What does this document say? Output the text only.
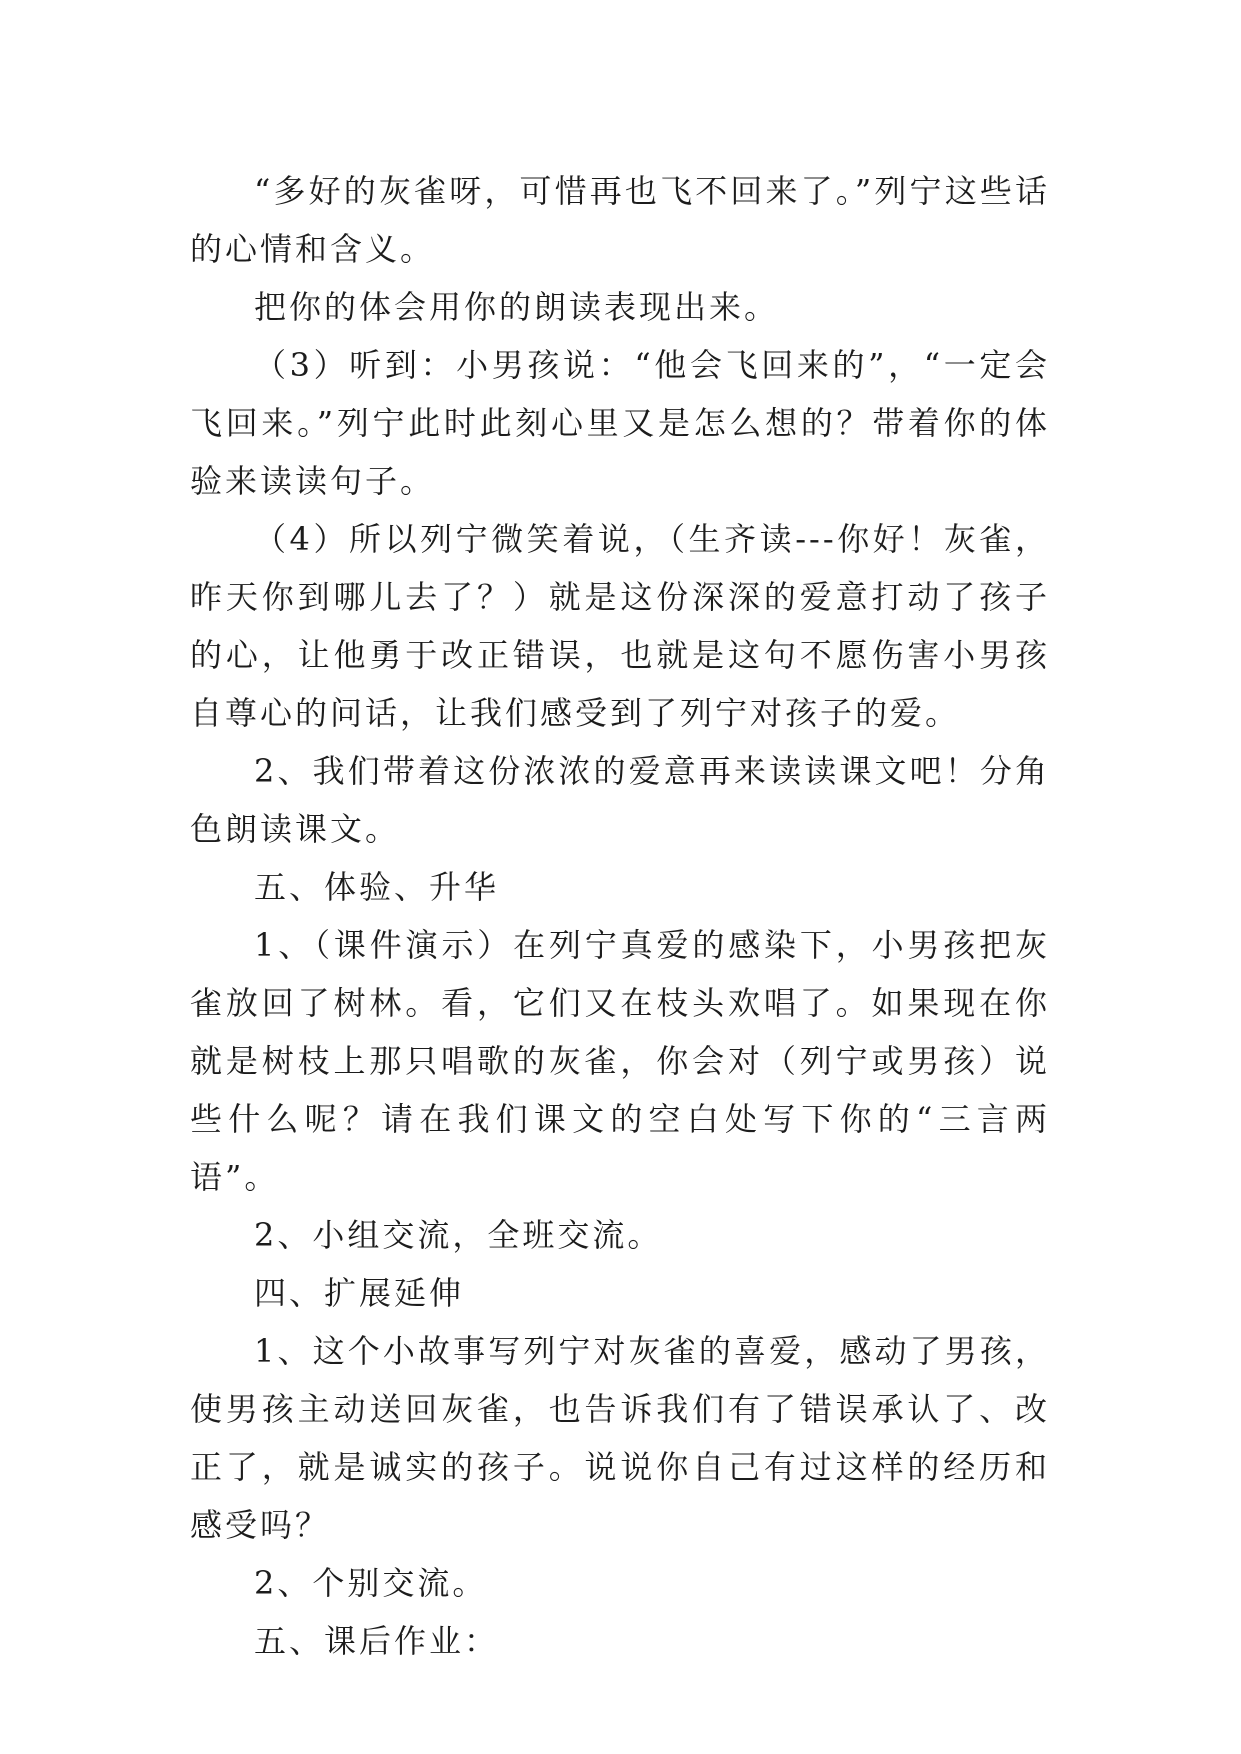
“多好的灰雀呀，可惜再也飞不回来了。”列宁这些话的心情和含义。

把你的体会用你的朗读表现出来。

（3）听到：小男孩说：“他会飞回来的”，“一定会飞回来。”列宁此时此刻心里又是怎么想的？带着你的体验来读读句子。

（4）所以列宁微笑着说，（生齐读---你好！灰雀，昨天你到哪儿去了？）就是这份深深的爱意打动了孩子的心，让他勇于改正错误，也就是这句不愿伤害小男孩自尊心的问话，让我们感受到了列宁对孩子的爱。

2、我们带着这份浓浓的爱意再来读读课文吧！分角色朗读课文。

五、体验、升华

1、（课件演示）在列宁真爱的感染下，小男孩把灰雀放回了树林。看，它们又在枝头欢唱了。如果现在你就是树枝上那只唱歌的灰雀，你会对（列宁或男孩）说些什么呢？请在我们课文的空白处写下你的“三言两语”。

2、小组交流，全班交流。

四、扩展延伸

1、这个小故事写列宁对灰雀的喜爱，感动了男孩，使男孩主动送回灰雀，也告诉我们有了错误承认了、改正了，就是诚实的孩子。说说你自己有过这样的经历和感受吗？

2、个别交流。

五、课后作业：
